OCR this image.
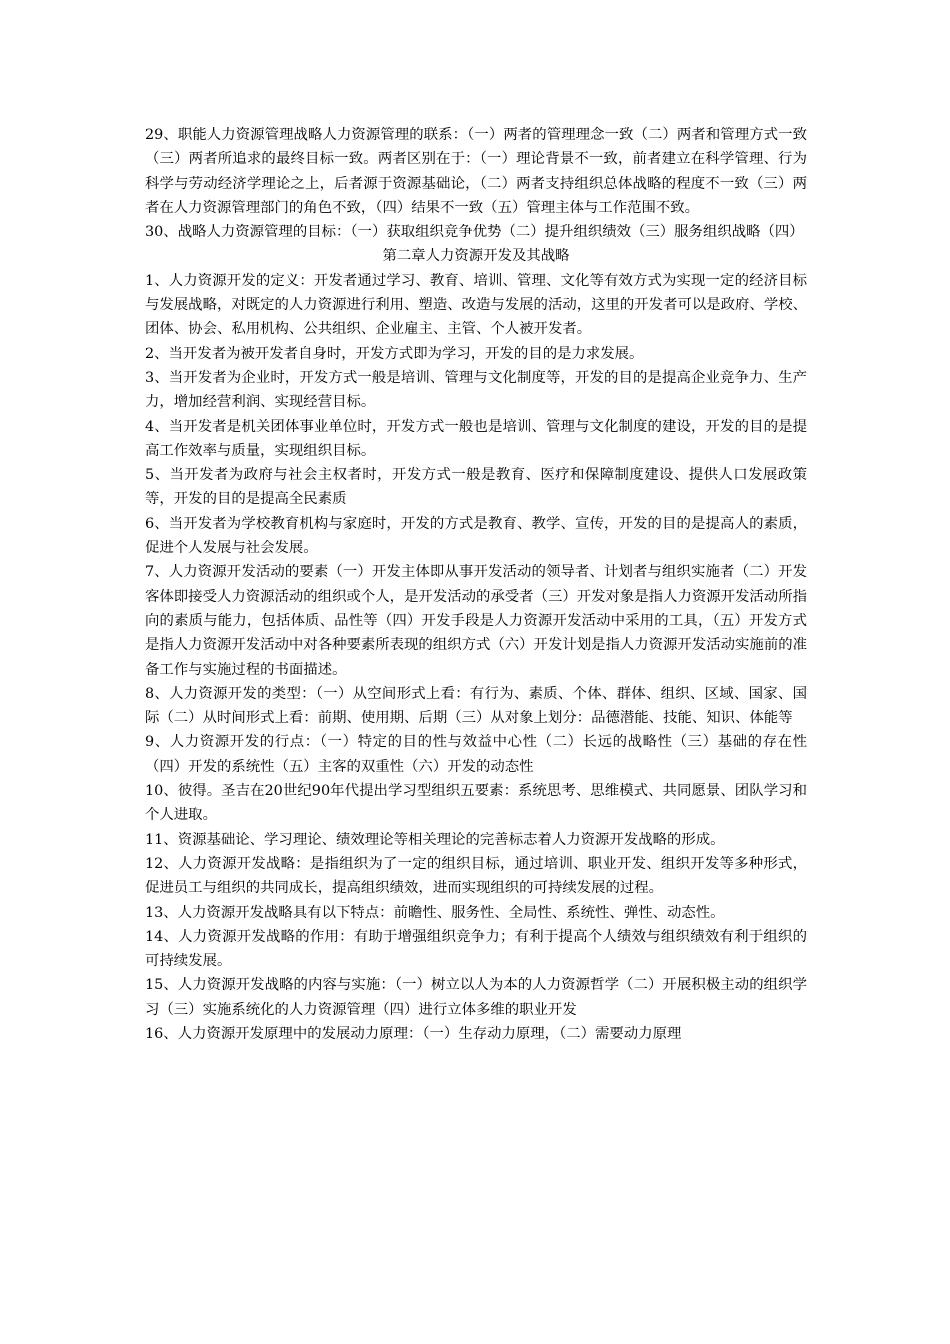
29、职能人力资源管理战略人力资源管理的联系：（一）两者的管理理念一致（二）两者和管理方式一致（三）两者所追求的最终目标一致。两者区别在于：（一）理论背景不一致，前者建立在科学管理、行为科学与劳动经济学理论之上，后者源于资源基础论，（二）两者支持组织总体战略的程度不一致（三）两者在人力资源管理部门的角色不致，（四）结果不一致（五）管理主体与工作范围不致。

30、战略人力资源管理的目标：（一）获取组织竞争优势（二）提升组织绩效（三）服务组织战略（四）

第二章人力资源开发及其战略

1、人力资源开发的定义：开发者通过学习、教育、培训、管理、文化等有效方式为实现一定的经济目标与发展战略，对既定的人力资源进行利用、塑造、改造与发展的活动，这里的开发者可以是政府、学校、团体、协会、私用机构、公共组织、企业雇主、主管、个人被开发者。

2、当开发者为被开发者自身时，开发方式即为学习，开发的目的是力求发展。

3、当开发者为企业时，开发方式一般是培训、管理与文化制度等，开发的目的是提高企业竞争力、生产力，增加经营利润、实现经营目标。

4、当开发者是机关团体事业单位时，开发方式一般也是培训、管理与文化制度的建设，开发的目的是提高工作效率与质量，实现组织目标。

5、当开发者为政府与社会主权者时，开发方式一般是教育、医疗和保障制度建设、提供人口发展政策等，开发的目的是提高全民素质

6、当开发者为学校教育机构与家庭时，开发的方式是教育、教学、宣传，开发的目的是提高人的素质，促进个人发展与社会发展。

7、人力资源开发活动的要素（一）开发主体即从事开发活动的领导者、计划者与组织实施者（二）开发客体即接受人力资源活动的组织或个人，是开发活动的承受者（三）开发对象是指人力资源开发活动所指向的素质与能力，包括体质、品性等（四）开发手段是人力资源开发活动中采用的工具，（五）开发方式是指人力资源开发活动中对各种要素所表现的组织方式（六）开发计划是指人力资源开发活动实施前的准备工作与实施过程的书面描述。

8、人力资源开发的类型：（一）从空间形式上看：有行为、素质、个体、群体、组织、区域、国家、国际（二）从时间形式上看：前期、使用期、后期（三）从对象上划分：品德潜能、技能、知识、体能等

9、人力资源开发的行点：（一）特定的目的性与效益中心性（二）长远的战略性（三）基础的存在性（四）开发的系统性（五）主客的双重性（六）开发的动态性

10、彼得。圣吉在20世纪90年代提出学习型组织五要素：系统思考、思维模式、共同愿景、团队学习和个人进取。

11、资源基础论、学习理论、绩效理论等相关理论的完善标志着人力资源开发战略的形成。

12、人力资源开发战略：是指组织为了一定的组织目标，通过培训、职业开发、组织开发等多种形式，促进员工与组织的共同成长，提高组织绩效，进而实现组织的可持续发展的过程。

13、人力资源开发战略具有以下特点：前瞻性、服务性、全局性、系统性、弹性、动态性。

14、人力资源开发战略的作用：有助于增强组织竞争力；有利于提高个人绩效与组织绩效有利于组织的可持续发展。

15、人力资源开发战略的内容与实施：（一）树立以人为本的人力资源哲学（二）开展积极主动的组织学习（三）实施系统化的人力资源管理（四）进行立体多维的职业开发

16、人力资源开发原理中的发展动力原理：（一）生存动力原理，（二）需要动力原理
